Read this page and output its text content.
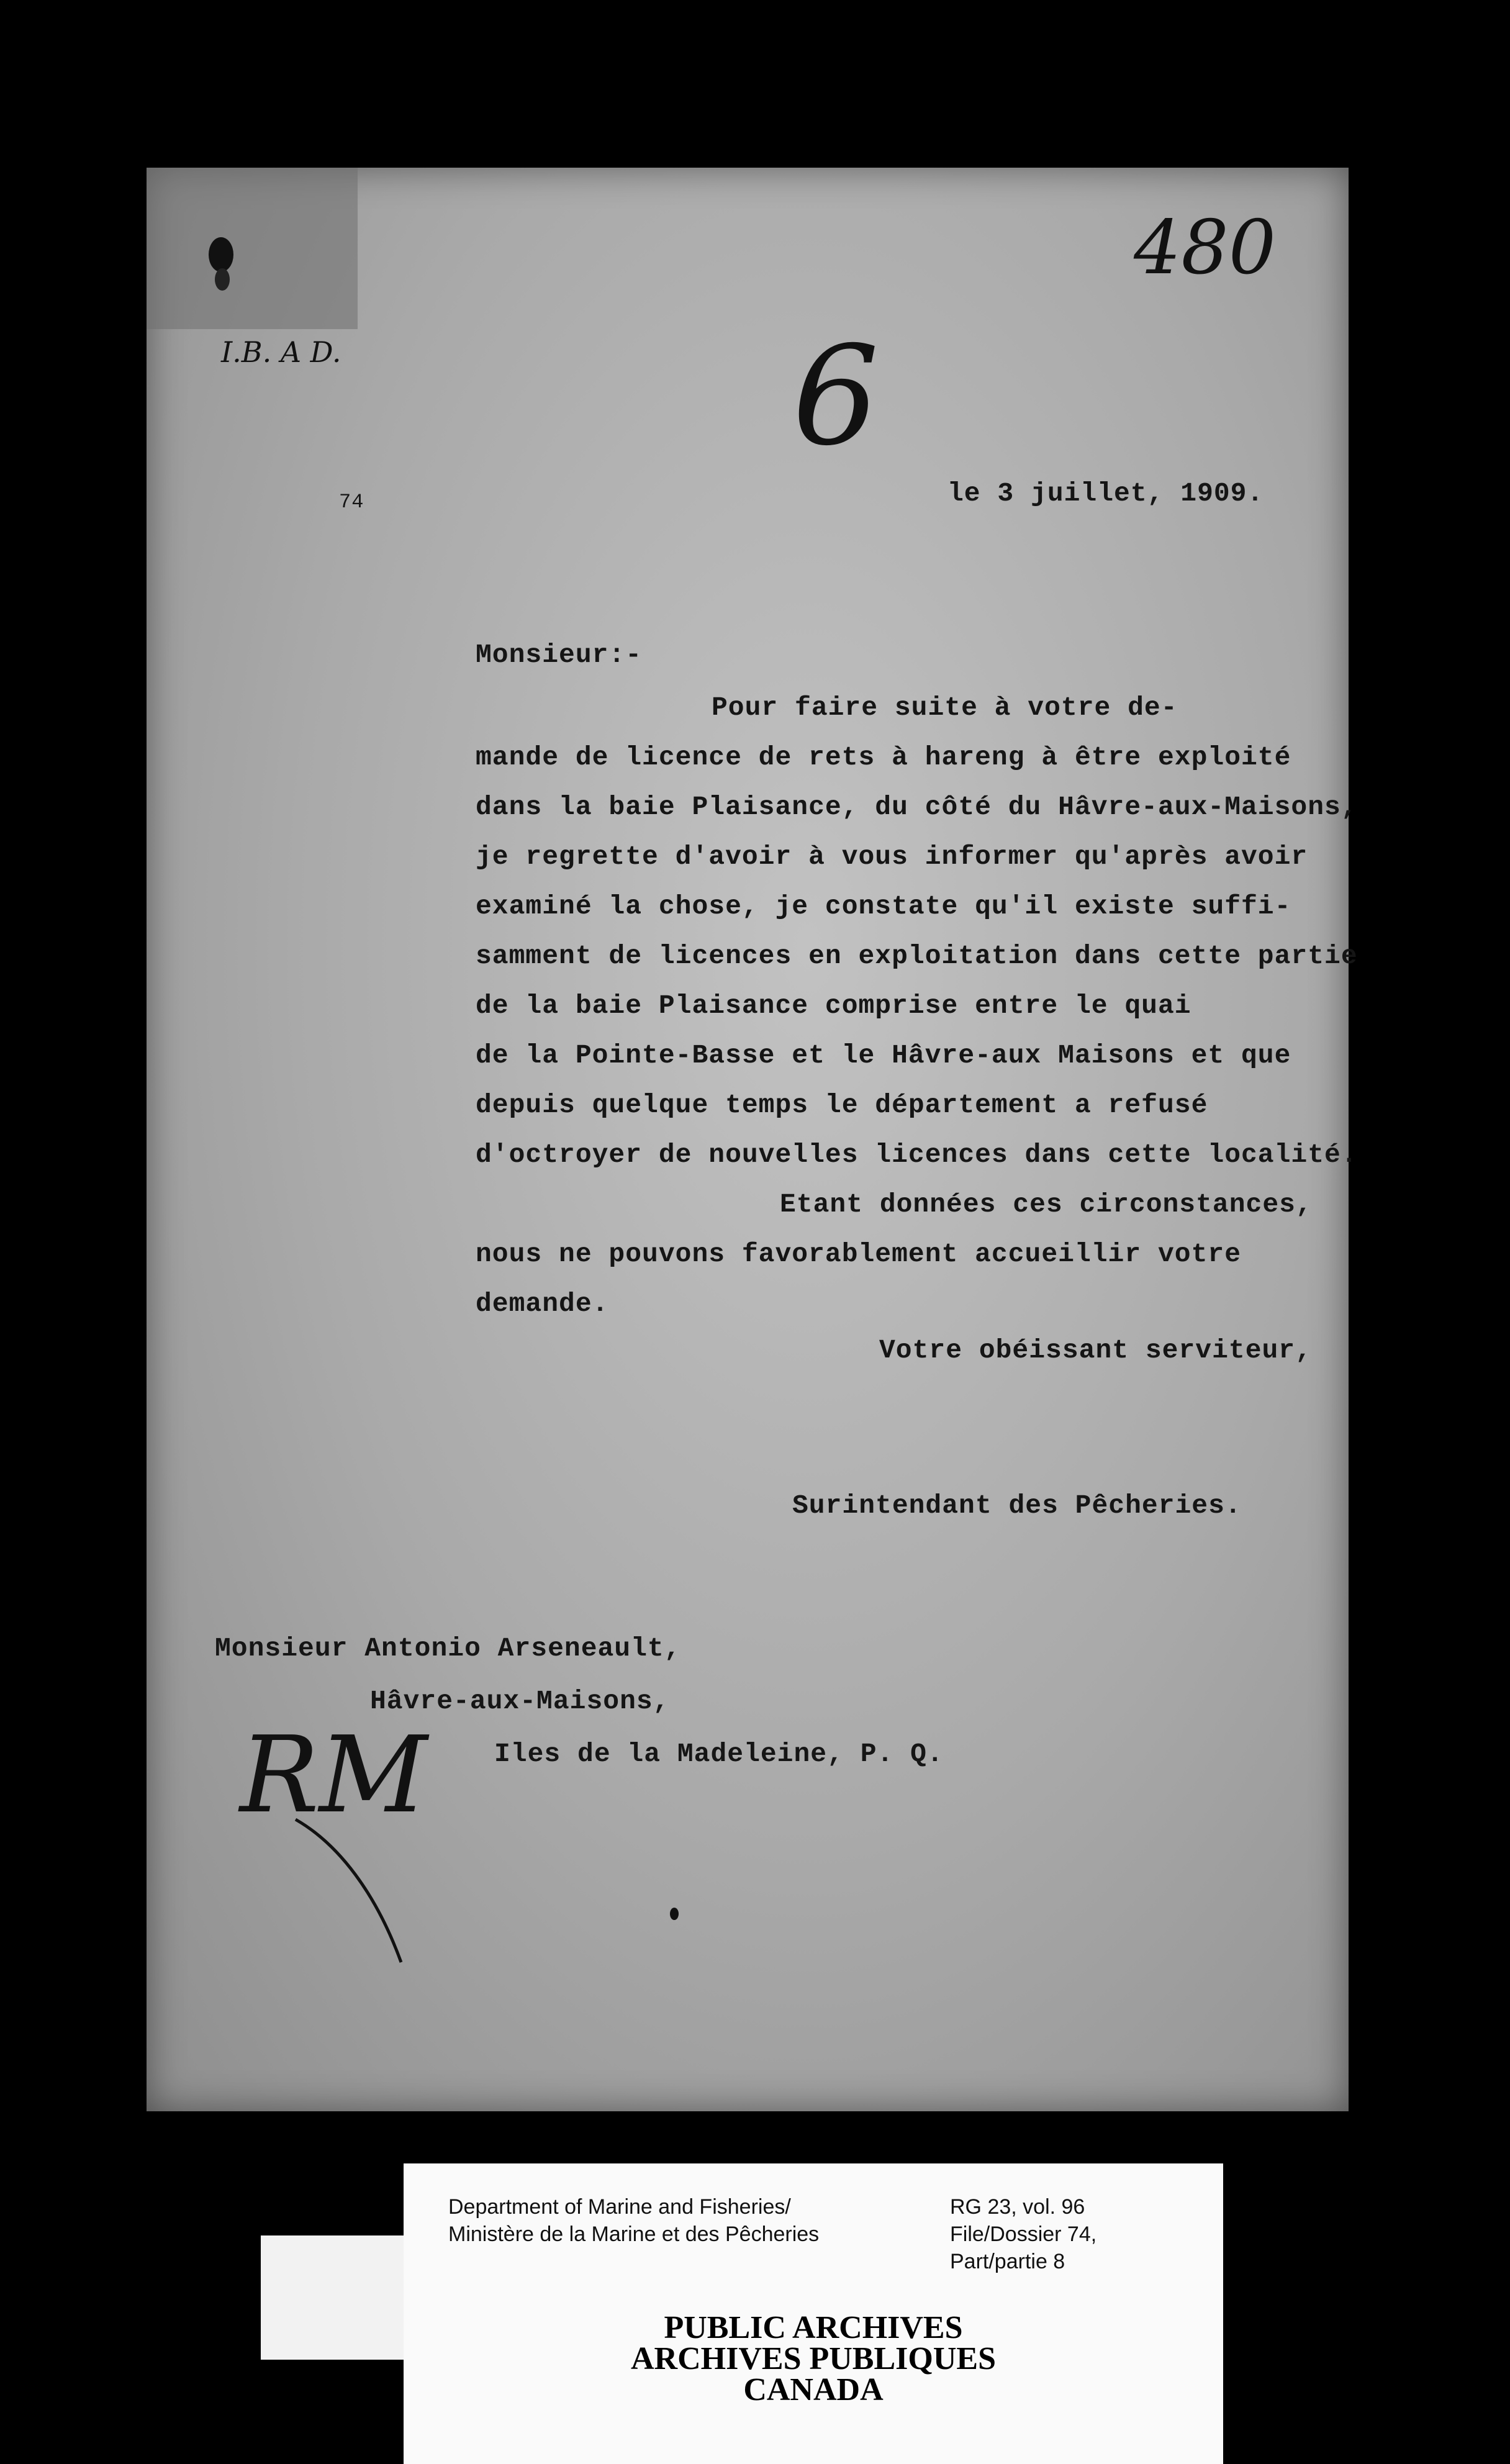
I.B. A D.
480
6
74	le 3 juillet, 1909.
Monsieur:-
Pour faire suite à votre de-
mande de licence de rets à hareng à être exploité
dans la baie Plaisance, du côté du Hâvre-aux-Maisons,
je regrette d'avoir à vous informer qu'après avoir
examiné la chose, je constate qu'il existe suffi-
samment de licences en exploitation dans cette partie
de la baie Plaisance comprise entre le quai
de la Pointe-Basse et le Hâvre-aux Maisons et que
depuis quelque temps le département a refusé
d'octroyer de nouvelles licences dans cette localité.
Etant données ces circonstances,
nous ne pouvons favorablement accueillir votre
demande.
Votre obéissant serviteur,
Surintendant des Pêcheries.
Monsieur Antonio Arseneault,
Hâvre-aux-Maisons,
Iles de la Madeleine, P. Q.
RM
Department of Marine and Fisheries/
Ministère de la Marine et des Pêcheries
RG 23, vol. 96
File/Dossier 74,
Part/partie 8
PUBLIC ARCHIVES
ARCHIVES PUBLIQUES
CANADA
